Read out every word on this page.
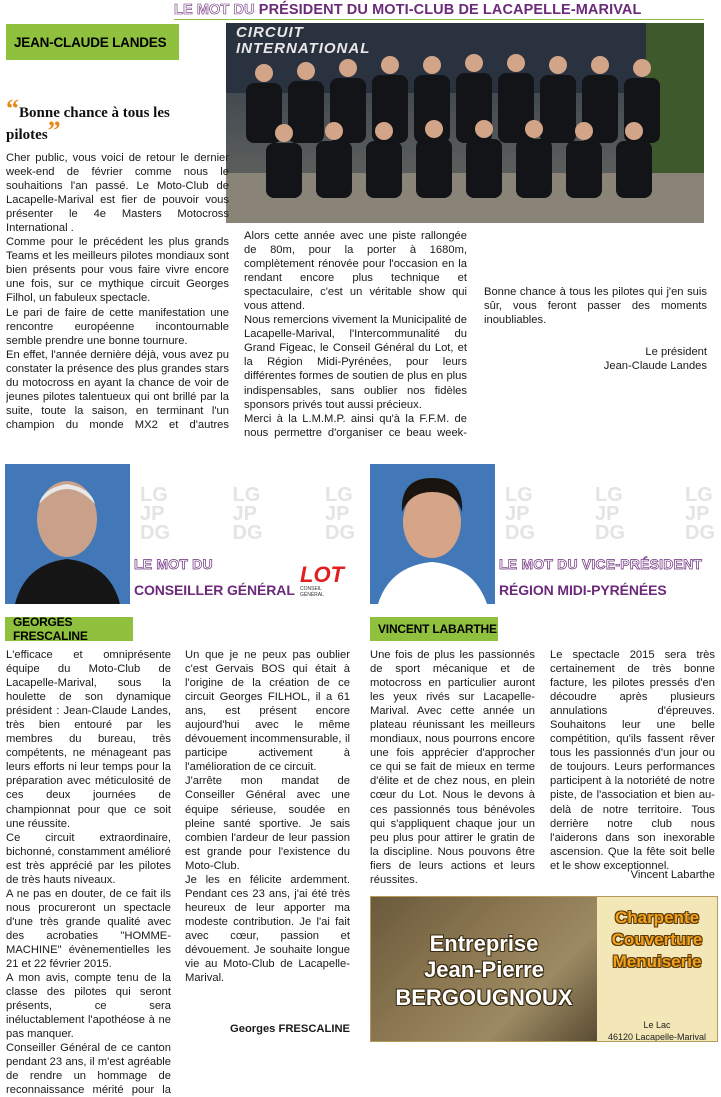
LE MOT DU PRÉSIDENT DU MOTI-CLUB DE LACAPELLE-MARIVAL
JEAN-CLAUDE LANDES
“Bonne chance à tous les pilotes”
CIRCUIT INTERNATIONAL

Cher public, vous voici de retour le dernier week-end de février comme nous le souhaitions l'an passé. Le Moto-Club de Lacapelle-Marival est fier de pouvoir vous présenter le 4e Masters Motocross International .

Comme pour le précédent les plus grands Teams et les meilleurs pilotes mondiaux sont bien présents pour vous faire vivre encore une fois, sur ce mythique circuit Georges Filhol, un fabuleux spectacle.

Le pari de faire de cette manifestation une rencontre européenne incontournable semble prendre une bonne tournure.

En effet, l'année dernière déjà, vous avez pu constater la présence des plus grandes stars du motocross en ayant la chance de voir de jeunes pilotes talentueux qui ont brillé par la suite, toute la saison, en terminant l'un champion du monde MX2 et d'autres

Alors cette année avec une piste rallongée de 80m, pour la porter à 1680m, complètement rénovée pour l'occasion en la rendant encore plus technique et spectaculaire, c'est un véritable show qui vous attend.

Nous remercions vivement la Municipalité de Lacapelle-Marival, l'Intercommunalité du Grand Figeac, le Conseil Général du Lot, et la Région Midi-Pyrénées, pour leurs différentes formes de soutien de plus en plus indispensables, sans oublier nos fidèles sponsors privés tout aussi précieux.

Merci à la L.M.M.P. ainsi qu'à la F.F.M. de nous permettre d'organiser ce beau week-

Bonne chance à tous les pilotes qui j'en suis sûr, vous feront passer des moments inoubliables.

Le président
Jean-Claude Landes
GEORGES FRESCALINE
LE MOT DU
CONSEILLER GÉNÉRAL
LOT
CONSEIL GÉNÉRAL

L'efficace et omniprésente équipe du Moto-Club de Lacapelle-Marival, sous la houlette de son dynamique président : Jean-Claude Landes, très bien entouré par les membres du bureau, très compétents, ne ménageant pas leurs efforts ni leur temps pour la préparation avec méticulosité de ces deux journées de championnat pour que ce soit une réussite.

Ce circuit extraordinaire, bichonné, constamment amélioré est très apprécié par les pilotes de très hauts niveaux.

A ne pas en douter, de ce fait ils nous procureront un spectacle d'une très grande qualité avec des acrobaties "HOMME-MACHINE" évènementielles les 21 et 22 février 2015.

A mon avis, compte tenu de la classe des pilotes qui seront présents, ce sera inéluctablement l'apothéose à ne pas manquer.

Conseiller Général de ce canton pendant 23 ans, il m'est agréable de rendre un hommage de reconnaissance mérité pour la

Un que je ne peux pas oublier c'est Gervais BOS qui était à l'origine de la création de ce circuit Georges FILHOL, il a 61 ans, est présent encore aujourd'hui avec le même dévouement incommensurable, il participe activement à l'amélioration de ce circuit.

J'arrête mon mandat de Conseiller Général avec une équipe sérieuse, soudée en pleine santé sportive. Je sais combien l'ardeur de leur passion est grande pour l'existence du Moto-Club.

Je les en félicite ardemment. Pendant ces 23 ans, j'ai été très heureux de leur apporter ma modeste contribution. Je l'ai fait avec cœur, passion et dévouement. Je souhaite longue vie au Moto-Club de Lacapelle-Marival.

Georges FRESCALINE
VINCENT LABARTHE
LE MOT DU VICE-PRÉSIDENT
RÉGION MIDI-PYRÉNÉES
LG
JP
DG
LG
JP
DG
LG
JP
DG
LG
JP
DG
LG
JP
DG
LG
JP
DG

Une fois de plus les passionnés de sport mécanique et de motocross en particulier auront les yeux rivés sur Lacapelle-Marival. Avec cette année un plateau réunissant les meilleurs mondiaux, nous pourrons encore une fois apprécier d'approcher ce qui se fait de mieux en terme d'élite et de chez nous, en plein cœur du Lot. Nous le devons à ces passionnés tous bénévoles qui s'appliquent chaque jour un peu plus pour attirer le gratin de la discipline. Nous pouvons être fiers de leurs actions et leurs réussites.

Le spectacle 2015 sera très certainement de très bonne facture, les pilotes pressés d'en découdre après plusieurs annulations d'épreuves. Souhaitons leur une belle compétition, qu'ils fassent rêver tous les passionnés d'un jour ou de toujours. Leurs performances participent à la notoriété de notre piste, de l'association et bien au-delà de notre territoire. Tous derrière notre club nous l'aiderons dans son inexorable ascension. Que la fête soit belle et le show exceptionnel.

Vincent Labarthe
Entreprise
Jean-Pierre
BERGOUGNOUX
Charpente
Couverture
Menuiserie
Le Lac
46120 Lacapelle-Marival
